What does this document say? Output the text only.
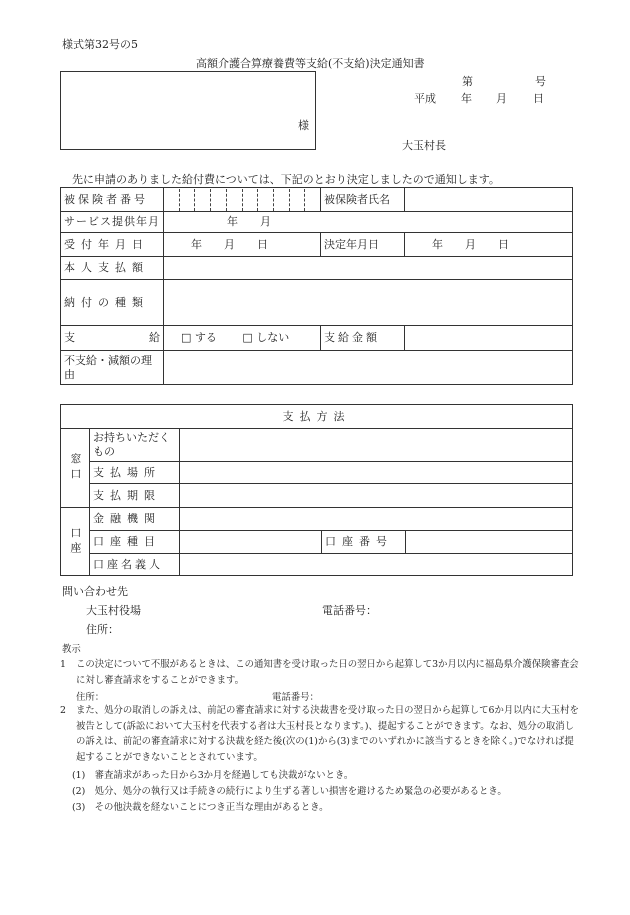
様式第32号の5
高額介護合算療養費等支給(不支給)決定通知書
様
第	号
平成 年 月 日
大玉村長
先に申請のありました給付費については、下記のとおり決定しましたので通知します。
被保険者番号		被保険者氏名	
サービス提供年月	年　　月		
受付年月日	年　　月　　日	決定年月日	年　　月　　日
本人支払額			
納付の種類			

支 給	□ する □ しない	支給金額	
不支給・減額の理由			
支払方法				

窓口	お持ちいただくもの			
	支払場所			
	支払期限			

口座	金融機関			
	口座種目		口座番号	
	口座名義人			
問い合わせ先
大玉村役場	電話番号：
住所：
教示
1	この決定について不服があるときは、この通知書を受け取った日の翌日から起算して3か月以内に福島県介護保険審査会に対し審査請求をすることができます。
住所：	電話番号：
2	また、処分の取消しの訴えは、前記の審査請求に対する決裁書を受け取った日の翌日から起算して6か月以内に大玉村を被告として(訴訟において大玉村を代表する者は大玉村長となります。)、提起することができます。なお、処分の取消しの訴えは、前記の審査請求に対する決裁を経た後(次の(1)から(3)までのいずれかに該当するときを除く。)でなければ提起することができないこととされています。
(1)　 審査請求があった日から3か月を経過しても決裁がないとき。
(2)　 処分、処分の執行又は手続きの続行により生ずる著しい損害を避けるため緊急の必要があるとき。
(3)　 その他決裁を経ないことにつき正当な理由があるとき。
